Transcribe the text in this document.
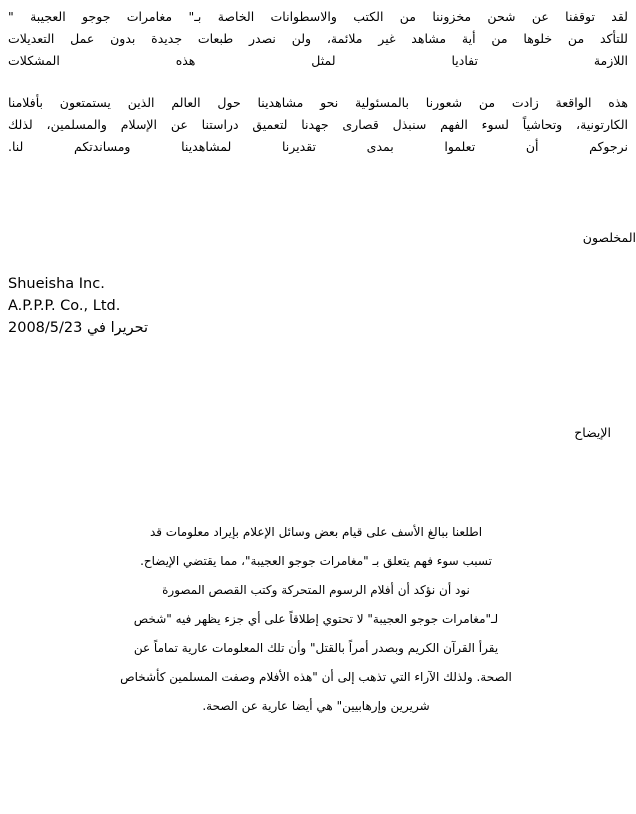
لقد توقفنا عن شحن مخزوننا من الكتب والاسطوانات الخاصة بـ" مغامرات جوجو العجيبة "
للتأكد من خلوها من أية مشاهد غير ملائمة، ولن نصدر طبعات جديدة بدون عمل التعديلات
اللازمة تفاديا لمثل هذه المشكلات
هذه الواقعة زادت من شعورنا بالمسئولية نحو مشاهدينا حول العالم الذين يستمتعون بأفلامنا
الكارتونية، وتحاشياً لسوء الفهم سنبذل قصارى جهدنا لتعميق دراستنا عن الإسلام والمسلمين، لذلك
نرجوكم أن تعلموا بمدى تقديرنا لمشاهدينا ومساندتكم لنا.
المخلصون
Shueisha Inc.
A.P.P.P. Co., Ltd.
2008/5/23 تحريرا في
الإيضاح
اطلعنا ببالغ الأسف على قيام بعض وسائل الإعلام بإيراد معلومات قد
تسبب سوء فهم يتعلق بـ "مغامرات جوجو العجيبة"، مما يقتضي الإيضاح.
نود أن نؤكد أن أفلام الرسوم المتحركة وكتب القصص المصورة
لـ"مغامرات جوجو العجيبة" لا تحتوي إطلاقاً على أي جزء يظهر فيه "شخص
يقرأ القرآن الكريم وبصدر أمراً بالقتل" وأن تلك المعلومات عارية تماماً عن
الصحة. ولذلك الآراء التي تذهب إلى أن "هذه الأفلام وصفت المسلمين كأشخاص
شريرين وإرهابيين" هي أيضا عارية عن الصحة.
